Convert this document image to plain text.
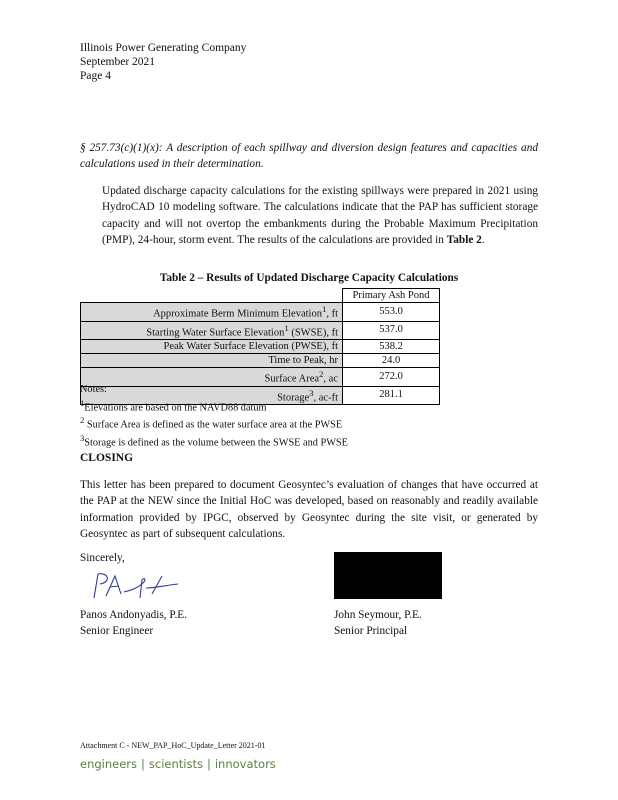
Illinois Power Generating Company
September 2021
Page 4
§ 257.73(c)(1)(x): A description of each spillway and diversion design features and capacities and calculations used in their determination.
Updated discharge capacity calculations for the existing spillways were prepared in 2021 using HydroCAD 10 modeling software. The calculations indicate that the PAP has sufficient storage capacity and will not overtop the embankments during the Probable Maximum Precipitation (PMP), 24-hour, storm event. The results of the calculations are provided in Table 2.
Table 2 – Results of Updated Discharge Capacity Calculations
	Primary Ash Pond
Approximate Berm Minimum Elevation$^1$, ft	553.0
Starting Water Surface Elevation$^1$ (SWSE), ft	537.0
Peak Water Surface Elevation (PWSE), ft	538.2
Time to Peak, hr	24.0
Surface Area$^2$, ac	272.0
Storage$^3$, ac-ft	281.1
Notes:
$^1$Elevations are based on the NAVD88 datum
$^2$ Surface Area is defined as the water surface area at the PWSE
$^3$Storage is defined as the volume between the SWSE and PWSE
CLOSING
This letter has been prepared to document Geosyntec’s evaluation of changes that have occurred at the PAP at the NEW since the Initial HoC was developed, based on reasonably and readily available information provided by IPGC, observed by Geosyntec during the site visit, or generated by Geosyntec as part of subsequent calculations.
Sincerely,
Panos Andonyadis, P.E.
Senior Engineer
John Seymour, P.E.
Senior Principal
Attachment C - NEW_PAP_HoC_Update_Letter 2021-01
engineers | scientists | innovators
